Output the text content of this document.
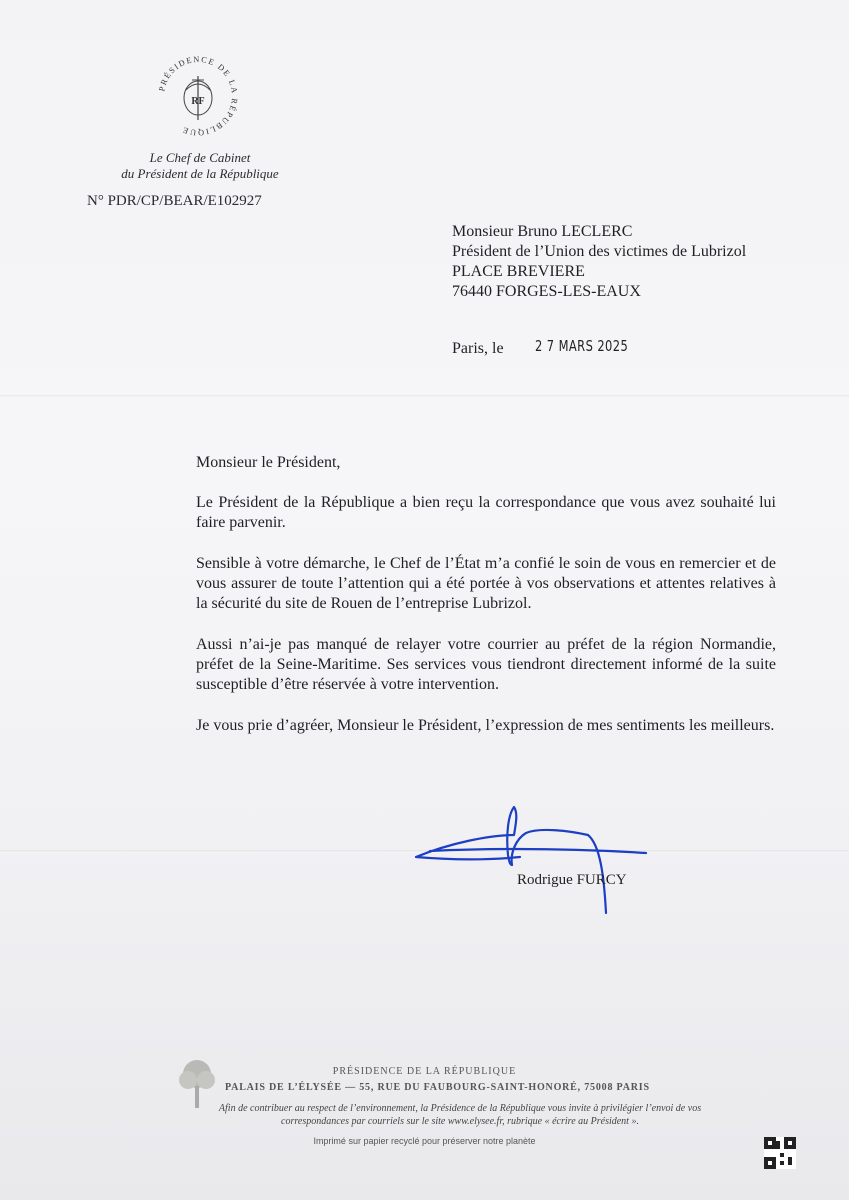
PRÉSIDENCE DE LA RÉPUBLIQUE
RF
Le Chef de Cabinet
du Président de la République
N° PDR/CP/BEAR/E102927
Monsieur Bruno LECLERC
Président de l’Union des victimes de Lubrizol
PLACE BREVIERE
76440 FORGES-LES-EAUX
Paris, le 2 7 MARS 2025

Monsieur le Président,

Le Président de la République a bien reçu la correspondance que vous avez souhaité lui faire parvenir.

Sensible à votre démarche, le Chef de l’État m’a confié le soin de vous en remercier et de vous assurer de toute l’attention qui a été portée à vos observations et attentes relatives à la sécurité du site de Rouen de l’entreprise Lubrizol.

Aussi n’ai-je pas manqué de relayer votre courrier au préfet de la région Normandie, préfet de la Seine-Maritime. Ses services vous tiendront directement informé de la suite susceptible d’être réservée à votre intervention.

Je vous prie d’agréer, Monsieur le Président, l’expression de mes sentiments les meilleurs.

Rodrigue FURCY
PRÉSIDENCE DE LA RÉPUBLIQUE
PALAIS DE L’ÉLYSÉE — 55, RUE DU FAUBOURG-SAINT-HONORÉ, 75008 PARIS
Afin de contribuer au respect de l’environnement, la Présidence de la République vous invite à privilégier l’envoi de vos correspondances par courriels sur le site www.elysee.fr, rubrique « écrire au Président ».
Imprimé sur papier recyclé pour préserver notre planète
